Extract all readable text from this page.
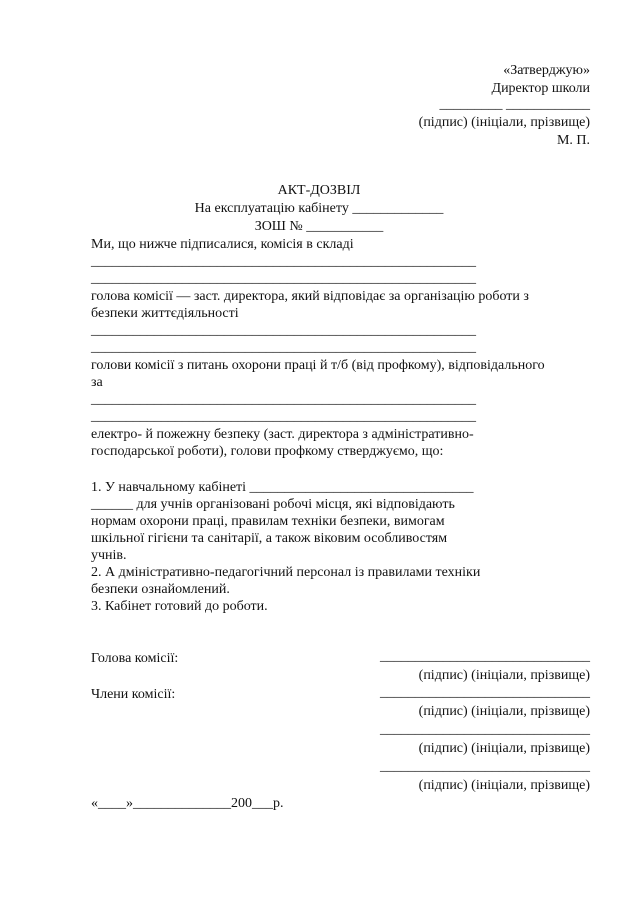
«Затверджую»
Директор школи
_________ ____________
(підпис) (ініціали, прізвище)
М. П.
АКТ-ДОЗВІЛ
На експлуатацію кабінету _____________
ЗОШ № ___________
Ми, що нижче підписалися, комісія в складі
_______________________________________________________
_______________________________________________________
голова комісії — заст. директора, який відповідає за організацію роботи з
безпеки життєдіяльності
_______________________________________________________
_______________________________________________________
голови комісії з питань охорони праці й т/б (від профкому), відповідального
за
_______________________________________________________
_______________________________________________________
електро- й пожежну безпеку (заст. директора з адміністративно-
господарської роботи), голови профкому стверджуємо, що:
1. У навчальному кабінеті ________________________________
______ для учнів організовані робочі місця, які відповідають
нормам охорони праці, правилам техніки безпеки, вимогам
шкільної гігієни та санітарії, а також віковим особливостям
учнів.
2. А дміністративно-педагогічний персонал із правилами техніки
безпеки ознайомлений.
3. Кабінет готовий до роботи.
Голова комісії:	______________________________
(підпис) (ініціали, прізвище)
Члени комісії:	______________________________
(підпис) (ініціали, прізвище)
______________________________
(підпис) (ініціали, прізвище)
______________________________
(підпис) (ініціали, прізвище)
«____»______________200___р.
